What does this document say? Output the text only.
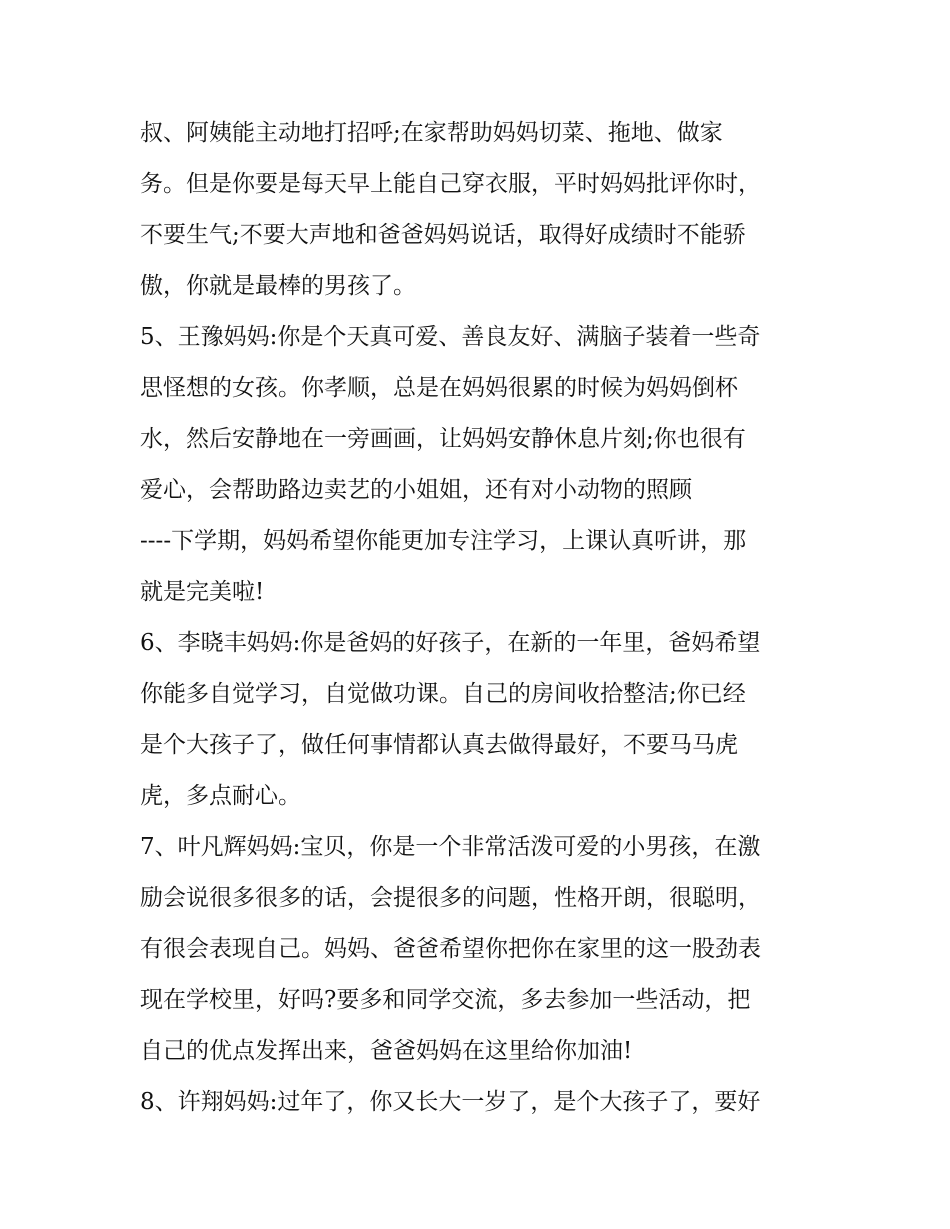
叔、阿姨能主动地打招呼;在家帮助妈妈切菜、拖地、做家
务。但是你要是每天早上能自己穿衣服，平时妈妈批评你时，
不要生气;不要大声地和爸爸妈妈说话，取得好成绩时不能骄
傲，你就是最棒的男孩了。
5、王豫妈妈:你是个天真可爱、善良友好、满脑子装着一些奇
思怪想的女孩。你孝顺，总是在妈妈很累的时候为妈妈倒杯
水，然后安静地在一旁画画，让妈妈安静休息片刻;你也很有
爱心，会帮助路边卖艺的小姐姐，还有对小动物的照顾
----下学期，妈妈希望你能更加专注学习，上课认真听讲，那
就是完美啦!
6、李晓丰妈妈:你是爸妈的好孩子，在新的一年里，爸妈希望
你能多自觉学习，自觉做功课。自己的房间收拾整洁;你已经
是个大孩子了，做任何事情都认真去做得最好，不要马马虎
虎，多点耐心。
7、叶凡辉妈妈:宝贝，你是一个非常活泼可爱的小男孩，在激
励会说很多很多的话，会提很多的问题，性格开朗，很聪明，
有很会表现自己。妈妈、爸爸希望你把你在家里的这一股劲表
现在学校里，好吗?要多和同学交流，多去参加一些活动，把
自己的优点发挥出来，爸爸妈妈在这里给你加油!
8、许翔妈妈:过年了，你又长大一岁了，是个大孩子了，要好
